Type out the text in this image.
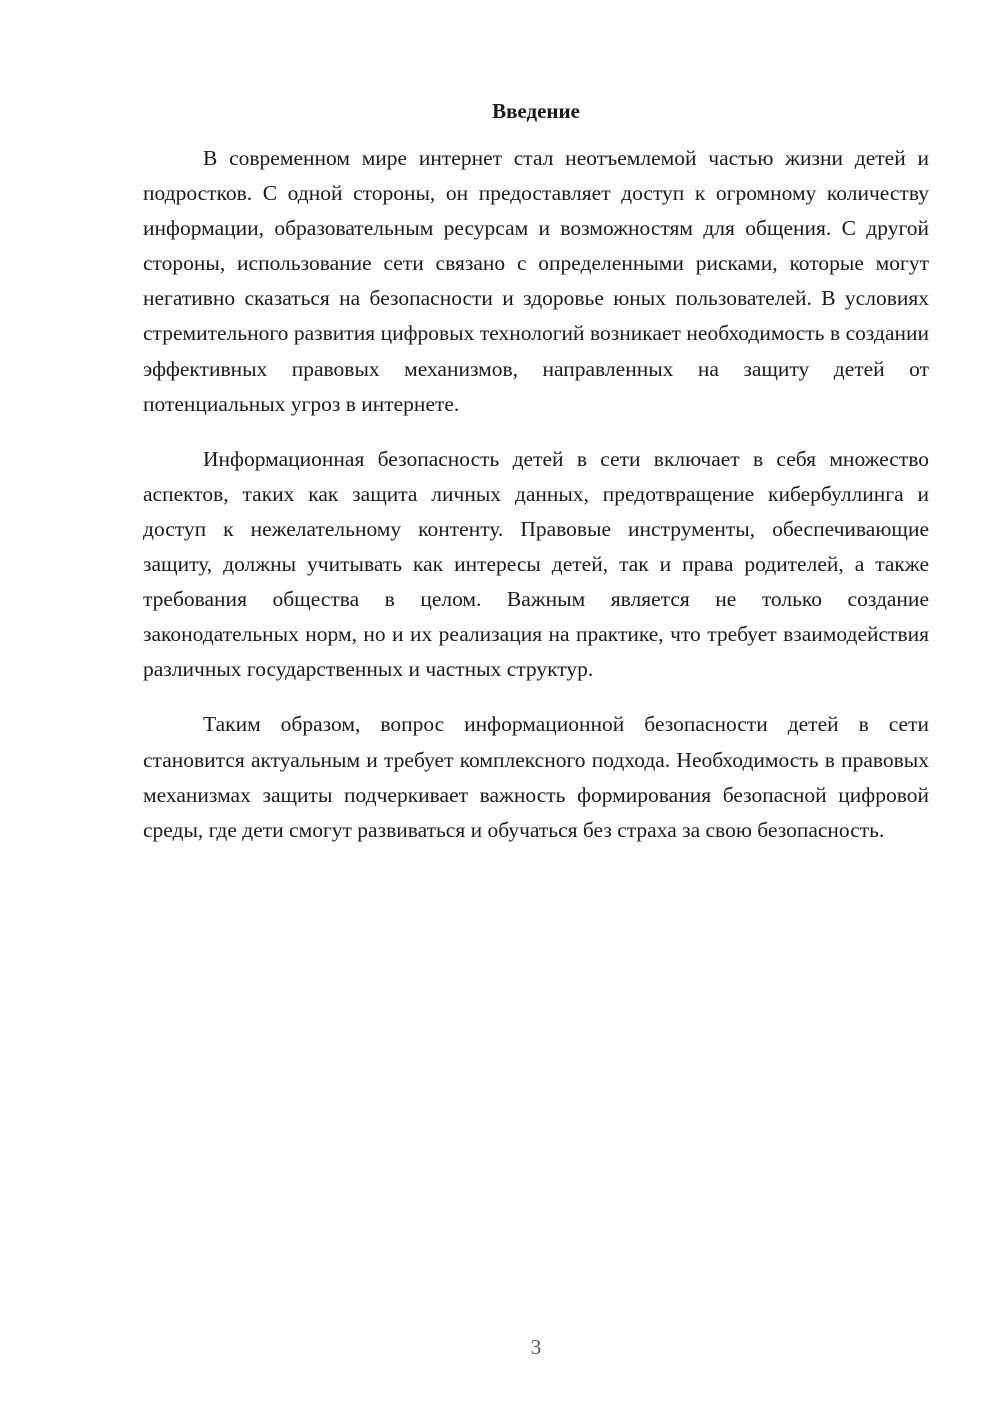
Введение

В современном мире интернет стал неотъемлемой частью жизни детей и подростков. С одной стороны, он предоставляет доступ к огромному количеству информации, образовательным ресурсам и возможностям для общения. С другой стороны, использование сети связано с определенными рисками, которые могут негативно сказаться на безопасности и здоровье юных пользователей. В условиях стремительного развития цифровых технологий возникает необходимость в создании эффективных правовых механизмов, направленных на защиту детей от потенциальных угроз в интернете.

Информационная безопасность детей в сети включает в себя множество аспектов, таких как защита личных данных, предотвращение кибербуллинга и доступ к нежелательному контенту. Правовые инструменты, обеспечивающие защиту, должны учитывать как интересы детей, так и права родителей, а также требования общества в целом. Важным является не только создание законодательных норм, но и их реализация на практике, что требует взаимодействия различных государственных и частных структур.

Таким образом, вопрос информационной безопасности детей в сети становится актуальным и требует комплексного подхода. Необходимость в правовых механизмах защиты подчеркивает важность формирования безопасной цифровой среды, где дети смогут развиваться и обучаться без страха за свою безопасность.

3
